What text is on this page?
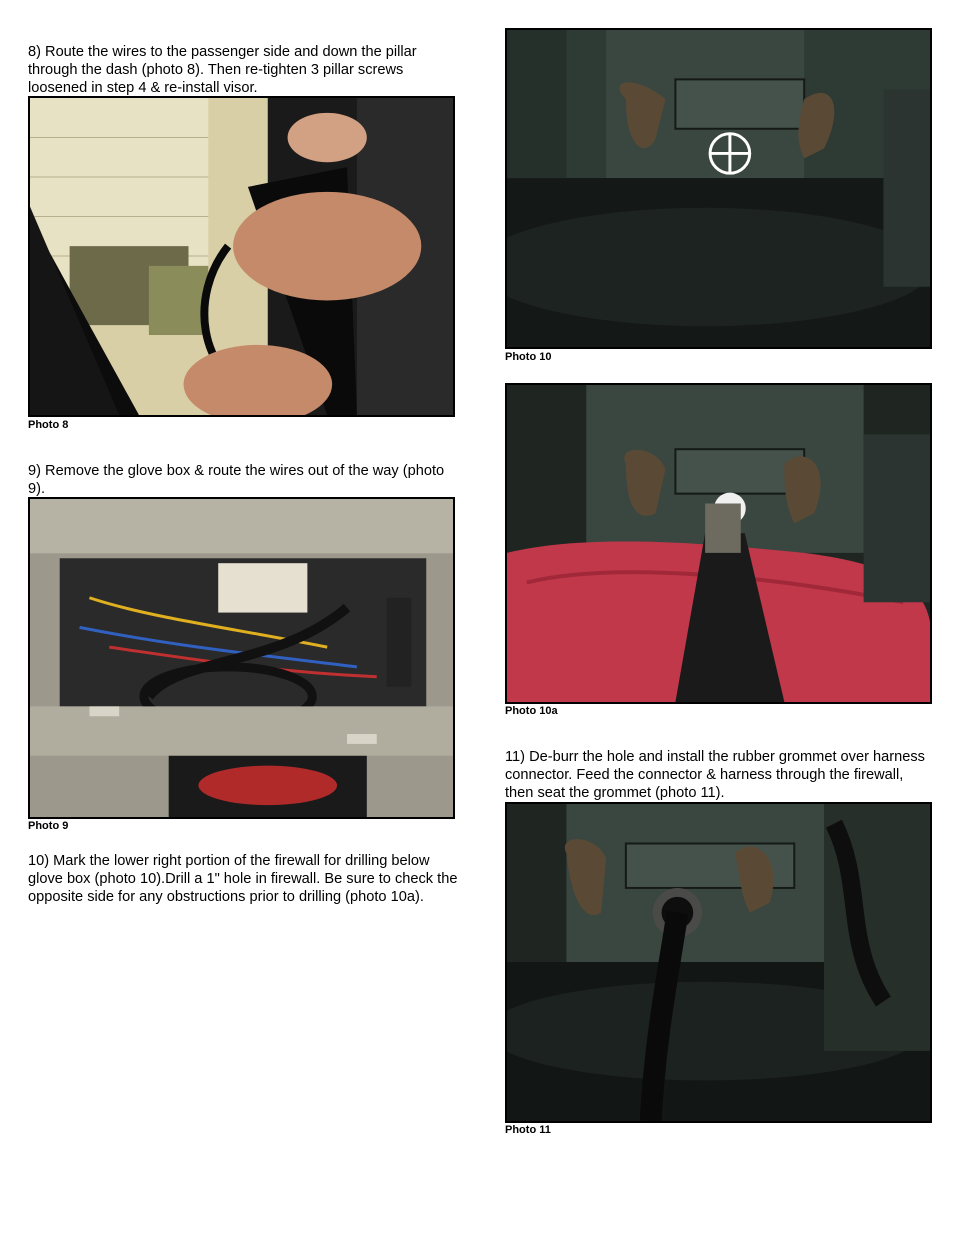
8) Route the wires to the passenger side and down the pillar through the dash (photo 8). Then re-tighten 3 pillar screws loosened in step 4 & re-install visor.

Photo 8

9) Remove the glove box & route the wires out of the way (photo 9).

Photo 9

10) Mark the lower right portion of the firewall for drilling below glove box (photo 10).Drill a 1" hole in firewall. Be sure to check the opposite side for any obstructions prior to drilling (photo 10a).

Photo 10
Photo 10a

11) De-burr the hole and install the rubber grommet over harness connector. Feed the connector & harness through the firewall, then seat the grommet (photo 11).

Photo 11
